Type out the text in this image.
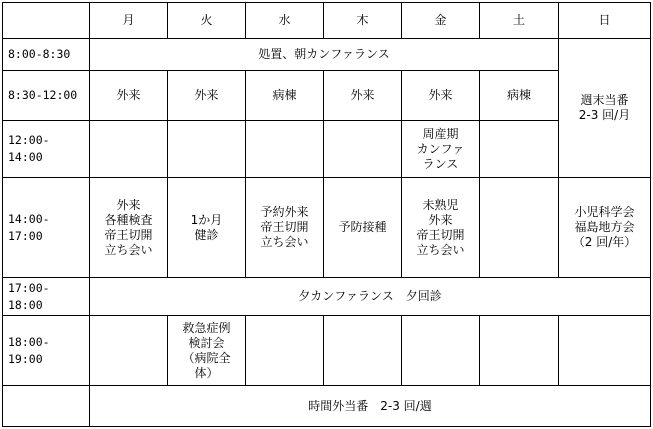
	月	火	水	木	金	土	日
8:00-8:30	処置、朝カンファランス						週末当番
2-3 回/月
8:30-12:00	外来	外来	病棟	外来	外来	病棟	
12:00-
14:00					周産期
カンファ
ランス		
14:00-
17:00	外来
各種検査
帝王切開
立ち会い	1か月
健診	予約外来
帝王切開
立ち会い	予防接種	未熟児
外来
帝王切開
立ち会い		小児科学会
福島地方会
（2 回/年）
17:00-
18:00	夕カンファランス　夕回診						
18:00-
19:00		救急症例
検討会
（病院全
体）					
	時間外当番　2-3 回/週						
